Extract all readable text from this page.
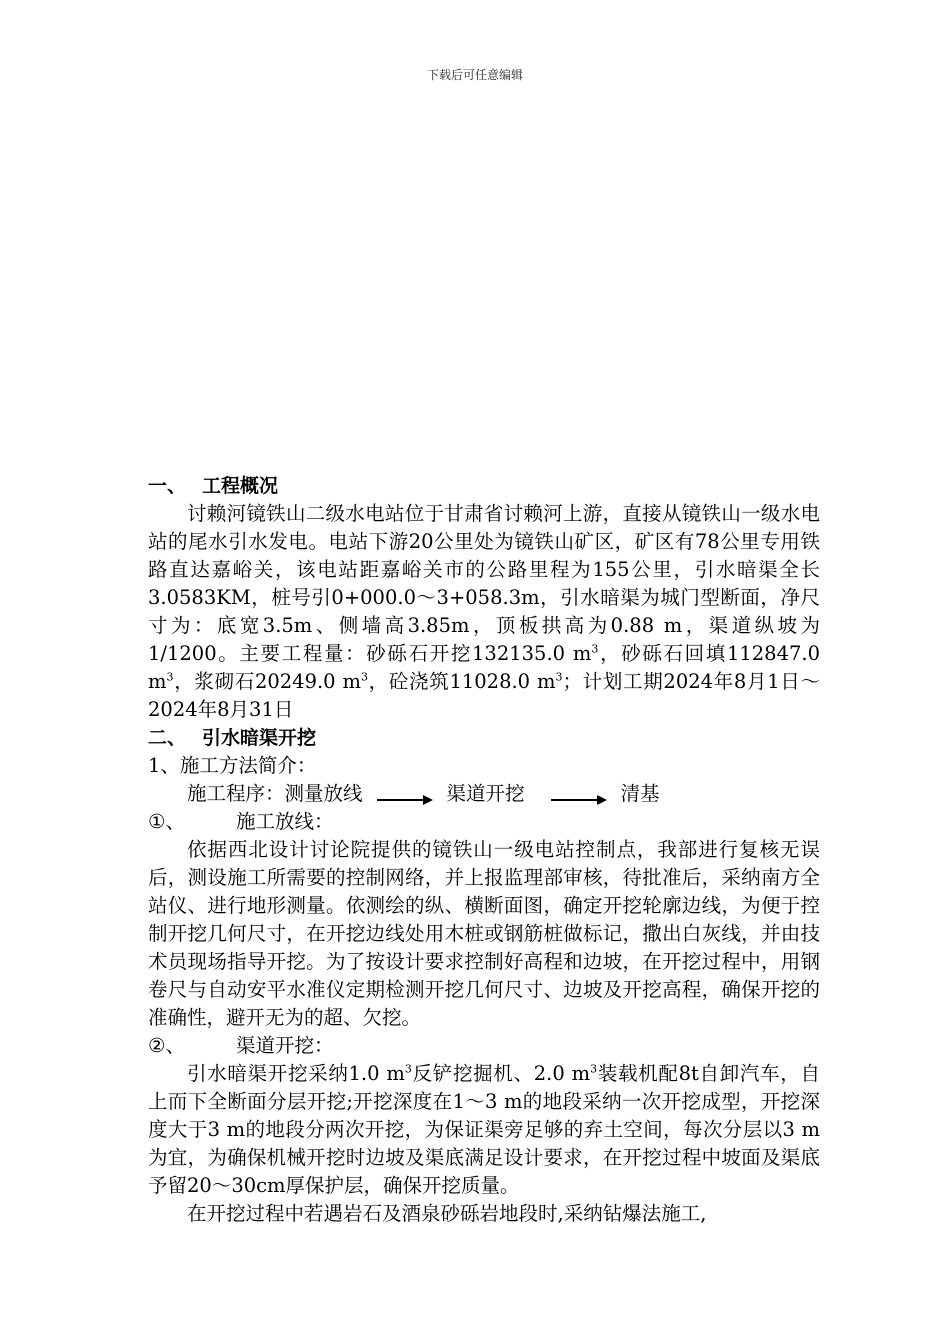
下载后可任意编辑

一、 工程概况

讨赖河镜铁山二级水电站位于甘肃省讨赖河上游，直接从镜铁山一级水电站的尾水引水发电。电站下游20公里处为镜铁山矿区，矿区有78公里专用铁路直达嘉峪关，该电站距嘉峪关市的公路里程为155公里，引水暗渠全长3.0583KM，桩号引0+000.0～3+058.3m，引水暗渠为城门型断面，净尺寸为：底宽3.5m、侧墙高3.85m，顶板拱高为0.88 m，渠道纵坡为1/1200。主要工程量：砂砾石开挖132135.0 $m^3$，砂砾石回填112847.0 $m^3$，浆砌石20249.0 $m^3$，砼浇筑11028.0 $m^3$；计划工期2024年8月1日～2024年8月31日

二、 引水暗渠开挖

1、施工方法简介：

施工程序：测量放线	渠道开挖	清基

①、	施工放线：

依据西北设计讨论院提供的镜铁山一级电站控制点，我部进行复核无误后，测设施工所需要的控制网络，并上报监理部审核，待批准后，采纳南方全站仪、进行地形测量。依测绘的纵、横断面图，确定开挖轮廓边线，为便于控制开挖几何尺寸，在开挖边线处用木桩或钢筋桩做标记，撒出白灰线，并由技术员现场指导开挖。为了按设计要求控制好高程和边坡，在开挖过程中，用钢卷尺与自动安平水准仪定期检测开挖几何尺寸、边坡及开挖高程，确保开挖的准确性，避开无为的超、欠挖。

②、	渠道开挖：

引水暗渠开挖采纳1.0 $m^3$反铲挖掘机、2.0 $m^3$装载机配8t自卸汽车，自上而下全断面分层开挖;开挖深度在1～3 m的地段采纳一次开挖成型，开挖深度大于3 m的地段分两次开挖，为保证渠旁足够的弃土空间，每次分层以3 m为宜，为确保机械开挖时边坡及渠底满足设计要求，在开挖过程中坡面及渠底予留20～30cm厚保护层，确保开挖质量。

在开挖过程中若遇岩石及酒泉砂砾岩地段时,采纳钻爆法施工,
